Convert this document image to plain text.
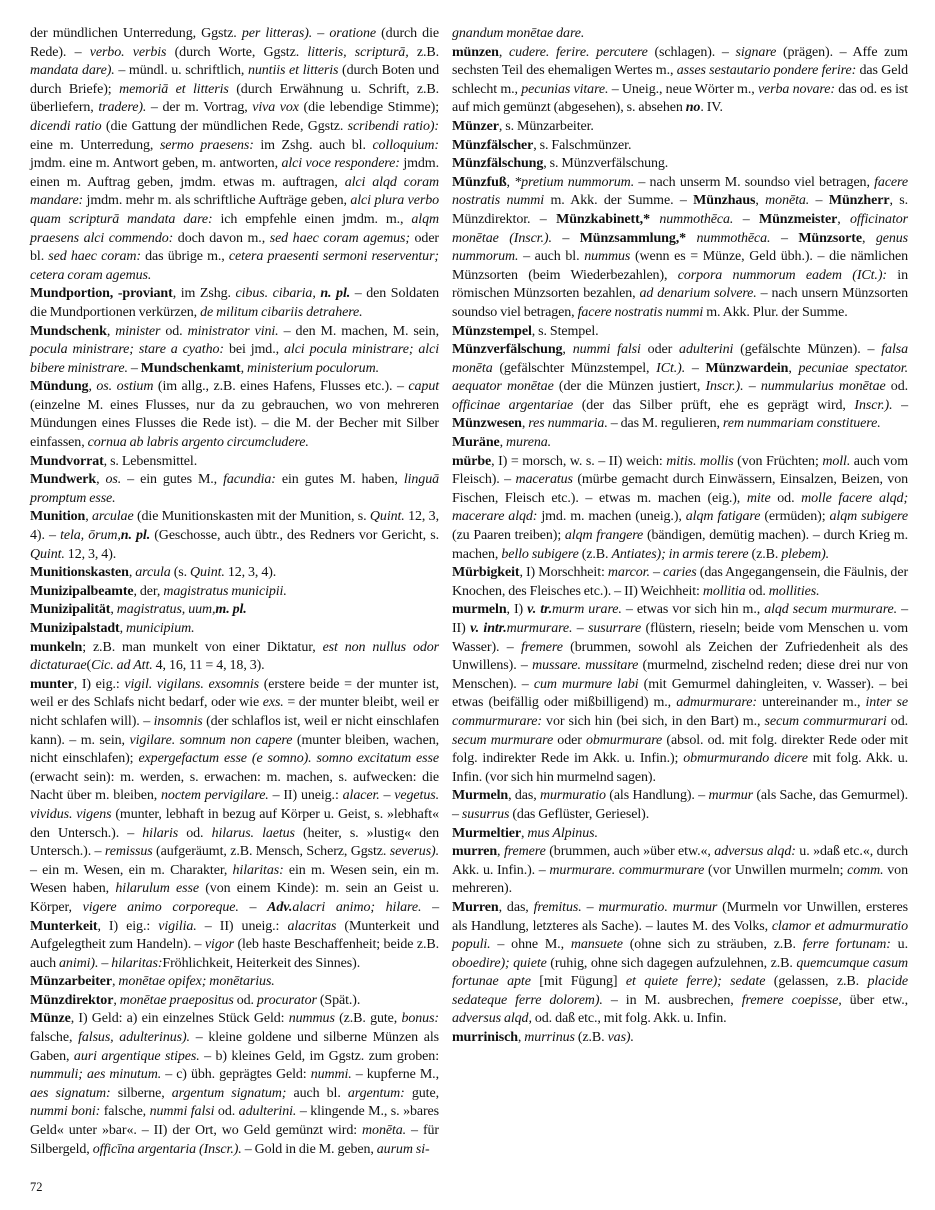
der mündlichen Unterredung, Ggstz. per litteras). – oratione (durch die Rede). – verbo. verbis (durch Worte, Ggstz. litteris, scripturā, z.B. mandata dare). – mündl. u. schriftlich, nuntiis et litteris (durch Boten und durch Briefe); memoriā et litteris (durch Erwähnung u. Schrift, z.B. überliefern, tradere). – der m. Vortrag, viva vox (die lebendige Stimme); dicendi ratio (die Gattung der mündlichen Rede, Ggstz. scribendi ratio): eine m. Unterredung, sermo praesens: im Zshg. auch bl. colloquium: jmdm. eine m. Antwort geben, m. antworten, alci voce respondere: jmdm. einen m. Auftrag geben, jmdm. etwas m. auftragen, alci alqd coram mandare: jmdm. mehr m. als schriftliche Aufträge geben, alci plura verbo quam scripturā mandata dare: ich empfehle einen jmdm. m., alqm praesens alci commendo: doch davon m., sed haec coram agemus; oder bl. sed haec coram: das übrige m., cetera praesenti sermoni reserventur; cetera coram agemus.

Mundportion, -proviant, im Zshg. cibus. cibaria, n. pl. – den Soldaten die Mundportionen verkürzen, de militum cibariis detrahere.

Mundschenk, minister od. ministrator vini. – den M. machen, M. sein, pocula ministrare; stare a cyatho: bei jmd., alci pocula ministrare; alci bibere ministrare. – Mundschenkamt, ministerium poculorum.

Mündung, os. ostium (im allg., z.B. eines Hafens, Flusses etc.). – caput (einzelne M. eines Flusses, nur da zu gebrauchen, wo von mehreren Mündungen eines Flusses die Rede ist). – die M. der Becher mit Silber einfassen, cornua ab labris argento circumcludere.

Mundvorrat, s. Lebensmittel.

Mundwerk, os. – ein gutes M., facundia: ein gutes M. haben, linguā promptum esse.

Munition, arculae (die Munitionskasten mit der Munition, s. Quint. 12, 3, 4). – tela, ōrum,n. pl. (Geschosse, auch übtr., des Redners vor Gericht, s. Quint. 12, 3, 4).

Munitionskasten, arcula (s. Quint. 12, 3, 4).

Munizipalbeamte, der, magistratus municipii.

Munizipalität, magistratus, uum,m. pl.

Munizipalstadt, municipium.

munkeln; z.B. man munkelt von einer Diktatur, est non nullus odor dictaturae(Cic. ad Att. 4, 16, 11 = 4, 18, 3).

munter, I) eig.: vigil. vigilans. exsomnis (erstere beide = der munter ist, weil er des Schlafs nicht bedarf, oder wie exs. = der munter bleibt, weil er nicht schlafen will). – insomnis (der schlaflos ist, weil er nicht einschlafen kann). – m. sein, vigilare. somnum non capere (munter bleiben, wachen, nicht einschlafen); expergefactum esse (e somno). somno excitatum esse (erwacht sein): m. werden, s. erwachen: m. machen, s. aufwecken: die Nacht über m. bleiben, noctem pervigilare. – II) uneig.: alacer. – vegetus. vividus. vigens (munter, lebhaft in bezug auf Körper u. Geist, s. »lebhaft« den Untersch.). – hilaris od. hilarus. laetus (heiter, s. »lustig« den Untersch.). – remissus (aufgeräumt, z.B. Mensch, Scherz, Ggstz. severus). – ein m. Wesen, ein m. Charakter, hilaritas: ein m. Wesen sein, ein m. Wesen haben, hilarulum esse (von einem Kinde): m. sein an Geist u. Körper, vigere animo corporeque. – Adv.alacri animo; hilare. – Munterkeit, I) eig.: vigilia. – II) uneig.: alacritas (Munterkeit und Aufgelegtheit zum Handeln). – vigor (leb haste Beschaffenheit; beide z.B. auch animi). – hilaritas:Fröhlichkeit, Heiterkeit des Sinnes).

Münzarbeiter, monētae opifex; monētarius.

Münzdirektor, monētae praepositus od. procurator (Spät.).

Münze, I) Geld: a) ein einzelnes Stück Geld: nummus (z.B. gute, bonus: falsche, falsus, adulterinus). – kleine goldene und silberne Münzen als Gaben, auri argentique stipes. – b) kleines Geld, im Ggstz. zum groben: nummuli; aes minutum. – c) übh. geprägtes Geld: nummi. – kupferne M., aes signatum: silberne, argentum signatum; auch bl. argentum: gute, nummi boni: falsche, nummi falsi od. adulterini. – klingende M., s. »bares Geld« unter »bar«. – II) der Ort, wo Geld gemünzt wird: monēta. – für Silbergeld, officīna argentaria (Inscr.). – Gold in die M. geben, aurum si-

gnandum monētae dare.

münzen, cudere. ferire. percutere (schlagen). – signare (prägen). – Affe zum sechsten Teil des ehemaligen Wertes m., asses sestautario pondere ferire: das Geld schlecht m., pecunias vitare. – Uneig., neue Wörter m., verba novare: das od. es ist auf mich gemünzt (abgesehen), s. absehen no. IV.

Münzer, s. Münzarbeiter.

Münzfälscher, s. Falschmünzer.

Münzfälschung, s. Münzverfälschung.

Münzfuß, *pretium nummorum. – nach unserm M. soundso viel betragen, facere nostratis nummi m. Akk. der Summe. – Münzhaus, monēta. – Münzherr, s. Münzdirektor. – Münzkabinett,* nummothēca. – Münzmeister, officinator monētae (Inscr.). – Münzsammlung,* nummothēca. – Münzsorte, genus nummorum. – auch bl. nummus (wenn es = Münze, Geld übh.). – die nämlichen Münzsorten (beim Wiederbezahlen), corpora nummorum eadem (ICt.): in römischen Münzsorten bezahlen, ad denarium solvere. – nach unsern Münzsorten soundso viel betragen, facere nostratis nummi m. Akk. Plur. der Summe.

Münzstempel, s. Stempel.

Münzverfälschung, nummi falsi oder adulterini (gefälschte Münzen). – falsa monēta (gefälschter Münzstempel, ICt.). – Münzwardein, pecuniae spectator. aequator monētae (der die Münzen justiert, Inscr.). – nummularius monētae od. officinae argentariae (der das Silber prüft, ehe es geprägt wird, Inscr.). – Münzwesen, res nummaria. – das M. regulieren, rem nummariam constituere.

Muräne, murena.

mürbe, I) = morsch, w. s. – II) weich: mitis. mollis (von Früchten; moll. auch vom Fleisch). – maceratus (mürbe gemacht durch Einwässern, Einsalzen, Beizen, von Fischen, Fleisch etc.). – etwas m. machen (eig.), mite od. molle facere alqd; macerare alqd: jmd. m. machen (uneig.), alqm fatigare (ermüden); alqm subigere (zu Paaren treiben); alqm frangere (bändigen, demütig machen). – durch Krieg m. machen, bello subigere (z.B. Antiates); in armis terere (z.B. plebem).

Mürbigkeit, I) Morschheit: marcor. – caries (das Angegangensein, die Fäulnis, der Knochen, des Fleisches etc.). – II) Weichheit: mollitia od. mollities.

murmeln, I) v. tr.murm urare. – etwas vor sich hin m., alqd secum murmurare. – II) v. intr.murmurare. – susurrare (flüstern, rieseln; beide vom Menschen u. vom Wasser). – fremere (brummen, sowohl als Zeichen der Zufriedenheit als des Unwillens). – mussare. mussitare (murmelnd, zischelnd reden; diese drei nur von Menschen). – cum murmure labi (mit Gemurmel dahingleiten, v. Wasser). – bei etwas (beifällig oder mißbilligend) m., admurmurare: untereinander m., inter se commurmurare: vor sich hin (bei sich, in den Bart) m., secum commurmurari od. secum murmurare oder obmurmurare (absol. od. mit folg. direkter Rede oder mit folg. indirekter Rede im Akk. u. Infin.); obmurmurando dicere mit folg. Akk. u. Infin. (vor sich hin murmelnd sagen).

Murmeln, das, murmuratio (als Handlung). – murmur (als Sache, das Gemurmel). – susurrus (das Geflüster, Geriesel).

Murmeltier, mus Alpinus.

murren, fremere (brummen, auch »über etw.«, adversus alqd: u. »daß etc.«, durch Akk. u. Infin.). – murmurare. commurmurare (vor Unwillen murmeln; comm. von mehreren).

Murren, das, fremitus. – murmuratio. murmur (Murmeln vor Unwillen, ersteres als Handlung, letzteres als Sache). – lautes M. des Volks, clamor et admurmuratio populi. – ohne M., mansuete (ohne sich zu sträuben, z.B. ferre fortunam: u. oboedire); quiete (ruhig, ohne sich dagegen aufzulehnen, z.B. quemcumque casum fortunae apte [mit Fügung] et quiete ferre); sedate (gelassen, z.B. placide sedateque ferre dolorem). – in M. ausbrechen, fremere coepisse, über etw., adversus alqd, od. daß etc., mit folg. Akk. u. Infin.

murrinisch, murrinus (z.B. vas).

72
